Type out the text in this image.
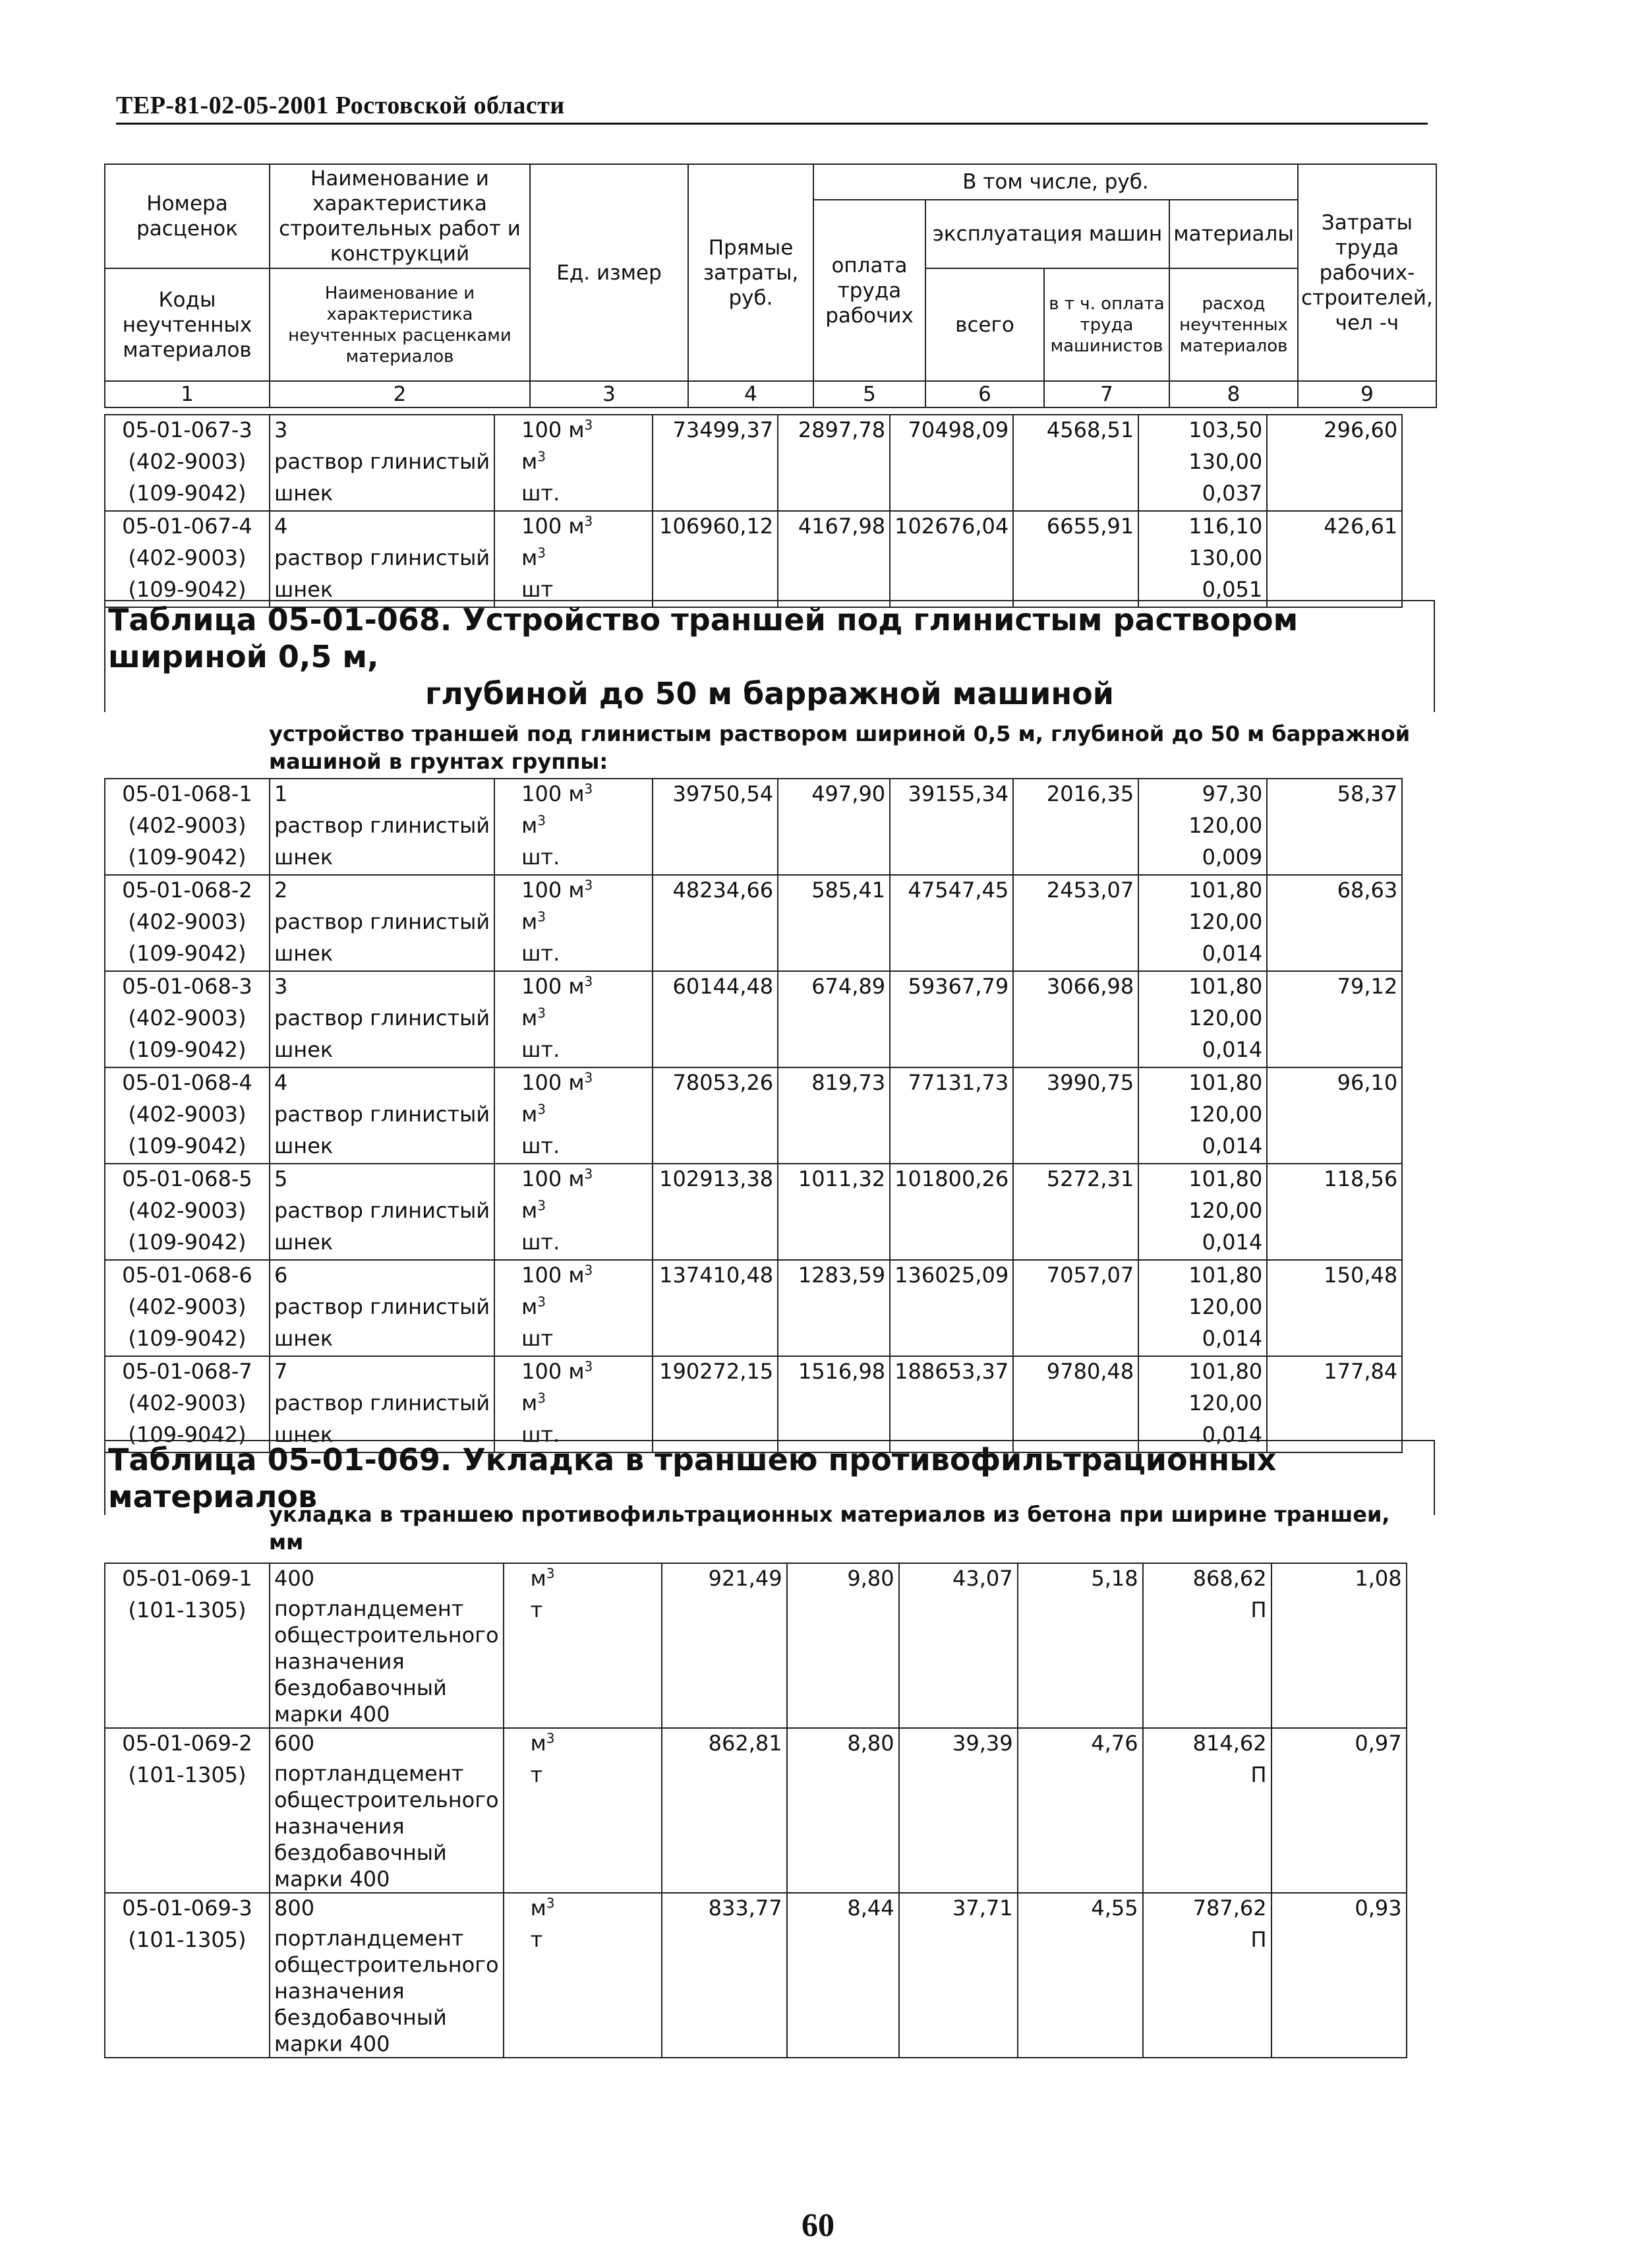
ТЕР-81-02-05-2001 Ростовской области
Номера расценок	Наименование и характеристика строительных работ и конструкций	Ед. измер	Прямые затраты, руб.	В том числе, руб.				Затраты труда рабочих-строителей, чел -ч
				оплата труда рабочих	эксплуатация машин		материалы	
Коды неучтенных материалов	Наименование и характеристика неучтенных расценками материалов				всего	в т ч. оплата труда машинистов	расход неучтенных материалов	

1	2	3	4	5	6	7	8	9
05-01-067-3	3	100 $м^3$	73499,37	2897,78	70498,09	4568,51	103,50	296,60
(402-9003)	раствор глинистый	$м^3$					130,00	
(109-9042)	шнек	шт.					0,037	
05-01-067-4	4	100 $м^3$	106960,12	4167,98	102676,04	6655,91	116,10	426,61
(402-9003)	раствор глинистый	$м^3$					130,00	
(109-9042)	шнек	шт					0,051	
Таблица 05-01-068. Устройство траншей под глинистым раствором шириной 0,5 м,
глубиной до 50 м барражной машиной
устройство траншей под глинистым раствором шириной 0,5 м, глубиной до 50 м барражной машиной в грунтах группы:
05-01-068-1	1	100 $м^3$	39750,54	497,90	39155,34	2016,35	97,30	58,37
(402-9003)	раствор глинистый	$м^3$					120,00	
(109-9042)	шнек	шт.					0,009	
05-01-068-2	2	100 $м^3$	48234,66	585,41	47547,45	2453,07	101,80	68,63
(402-9003)	раствор глинистый	$м^3$					120,00	
(109-9042)	шнек	шт.					0,014	
05-01-068-3	3	100 $м^3$	60144,48	674,89	59367,79	3066,98	101,80	79,12
(402-9003)	раствор глинистый	$м^3$					120,00	
(109-9042)	шнек	шт.					0,014	
05-01-068-4	4	100 $м^3$	78053,26	819,73	77131,73	3990,75	101,80	96,10
(402-9003)	раствор глинистый	$м^3$					120,00	
(109-9042)	шнек	шт.					0,014	
05-01-068-5	5	100 $м^3$	102913,38	1011,32	101800,26	5272,31	101,80	118,56
(402-9003)	раствор глинистый	$м^3$					120,00	
(109-9042)	шнек	шт.					0,014	
05-01-068-6	6	100 $м^3$	137410,48	1283,59	136025,09	7057,07	101,80	150,48
(402-9003)	раствор глинистый	$м^3$					120,00	
(109-9042)	шнек	шт					0,014	
05-01-068-7	7	100 $м^3$	190272,15	1516,98	188653,37	9780,48	101,80	177,84
(402-9003)	раствор глинистый	$м^3$					120,00	
(109-9042)	шнек	шт.					0,014	
Таблица 05-01-069. Укладка в траншею противофильтрационных материалов
укладка в траншею противофильтрационных материалов из бетона при ширине траншеи, мм
05-01-069-1	400	$м^3$	921,49	9,80	43,07	5,18	868,62	1,08
(101-1305)	портландцемент общестроительного назначения бездобавочный марки 400	т					П	
05-01-069-2	600	$м^3$	862,81	8,80	39,39	4,76	814,62	0,97
(101-1305)	портландцемент общестроительного назначения бездобавочный марки 400	т					П	
05-01-069-3	800	$м^3$	833,77	8,44	37,71	4,55	787,62	0,93
(101-1305)	портландцемент общестроительного назначения бездобавочный марки 400	т					П	
60
